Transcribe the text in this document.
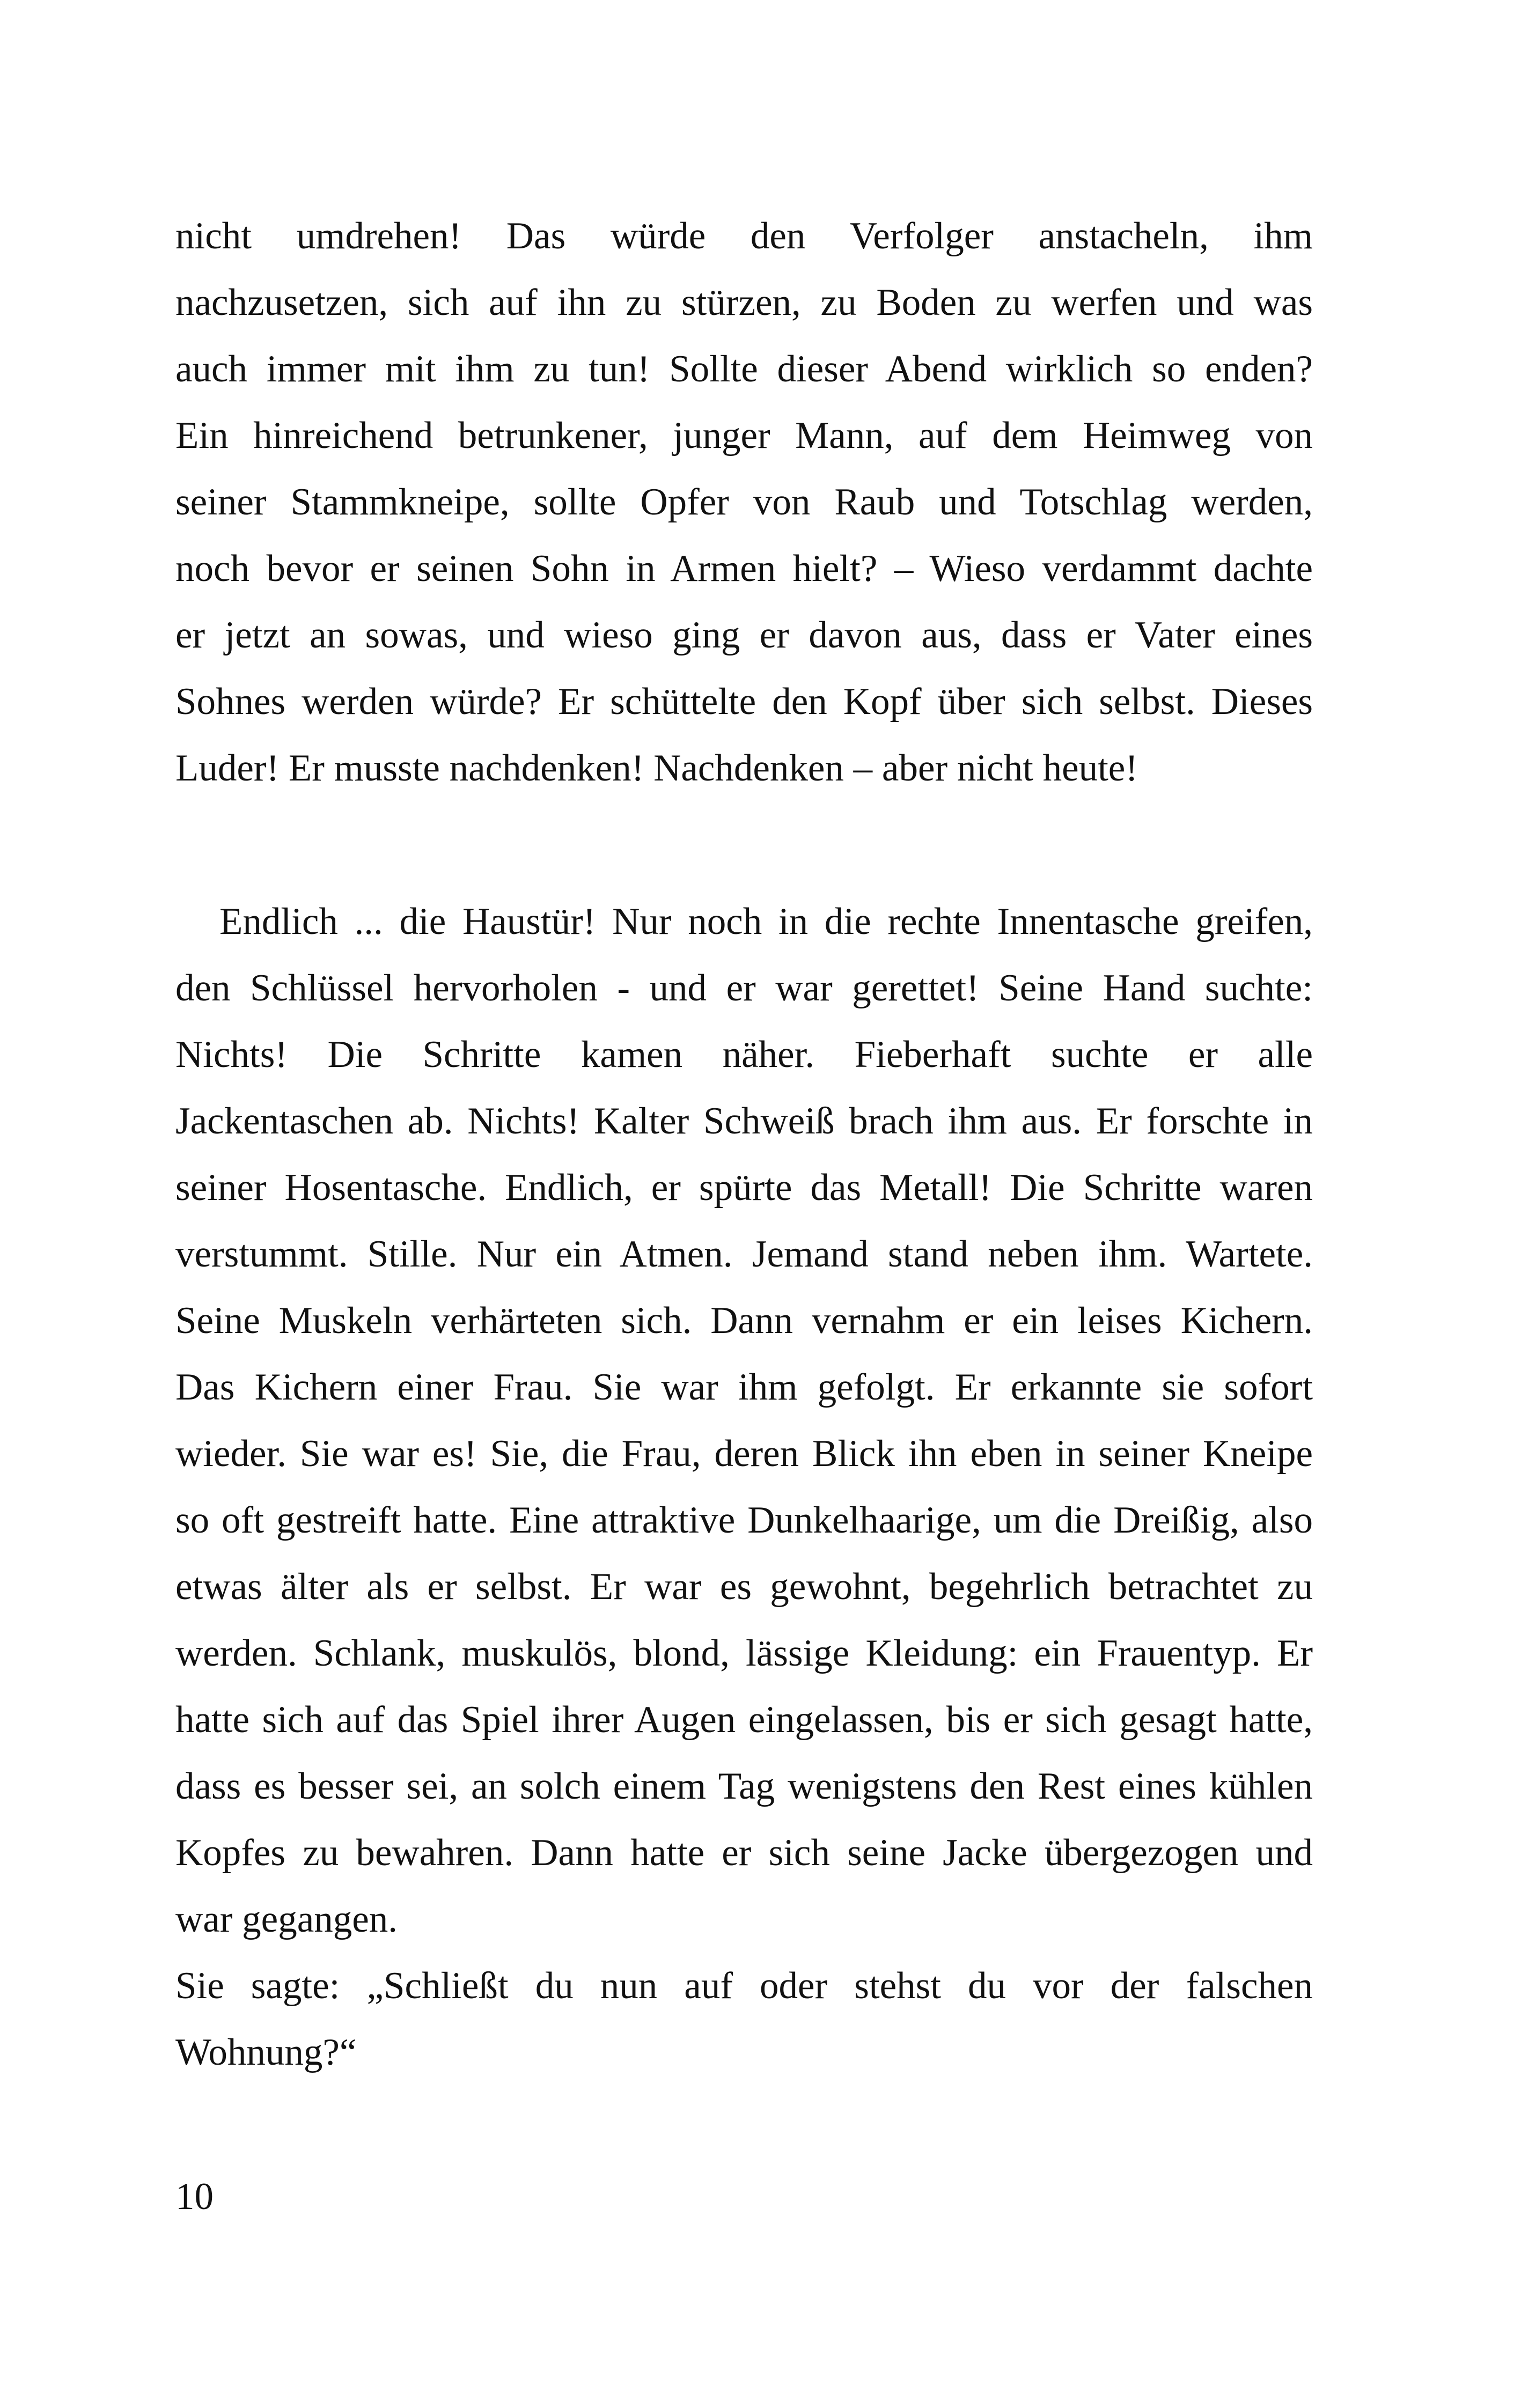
nicht umdrehen! Das würde den Verfolger anstacheln, ihm
nachzusetzen, sich auf ihn zu stürzen, zu Boden zu werfen und was
auch immer mit ihm zu tun! Sollte dieser Abend wirklich so enden?
Ein hinreichend betrunkener, junger Mann, auf dem Heimweg von
seiner Stammkneipe, sollte Opfer von Raub und Totschlag werden,
noch bevor er seinen Sohn in Armen hielt? – Wieso verdammt dachte
er jetzt an sowas, und wieso ging er davon aus, dass er Vater eines
Sohnes werden würde? Er schüttelte den Kopf über sich selbst. Dieses
Luder! Er musste nachdenken! Nachdenken – aber nicht heute!
Endlich ... die Haustür! Nur noch in die rechte Innentasche greifen,
den Schlüssel hervorholen - und er war gerettet! Seine Hand suchte:
Nichts! Die Schritte kamen näher. Fieberhaft suchte er alle
Jackentaschen ab. Nichts! Kalter Schweiß brach ihm aus. Er forschte in
seiner Hosentasche. Endlich, er spürte das Metall! Die Schritte waren
verstummt. Stille. Nur ein Atmen. Jemand stand neben ihm. Wartete.
Seine Muskeln verhärteten sich. Dann vernahm er ein leises Kichern.
Das Kichern einer Frau. Sie war ihm gefolgt. Er erkannte sie sofort
wieder. Sie war es! Sie, die Frau, deren Blick ihn eben in seiner Kneipe
so oft gestreift hatte. Eine attraktive Dunkelhaarige, um die Dreißig, also
etwas älter als er selbst. Er war es gewohnt, begehrlich betrachtet zu
werden. Schlank, muskulös, blond, lässige Kleidung: ein Frauentyp. Er
hatte sich auf das Spiel ihrer Augen eingelassen, bis er sich gesagt hatte,
dass es besser sei, an solch einem Tag wenigstens den Rest eines kühlen
Kopfes zu bewahren. Dann hatte er sich seine Jacke übergezogen und
war gegangen.
Sie sagte: „Schließt du nun auf oder stehst du vor der falschen
Wohnung?“
10
